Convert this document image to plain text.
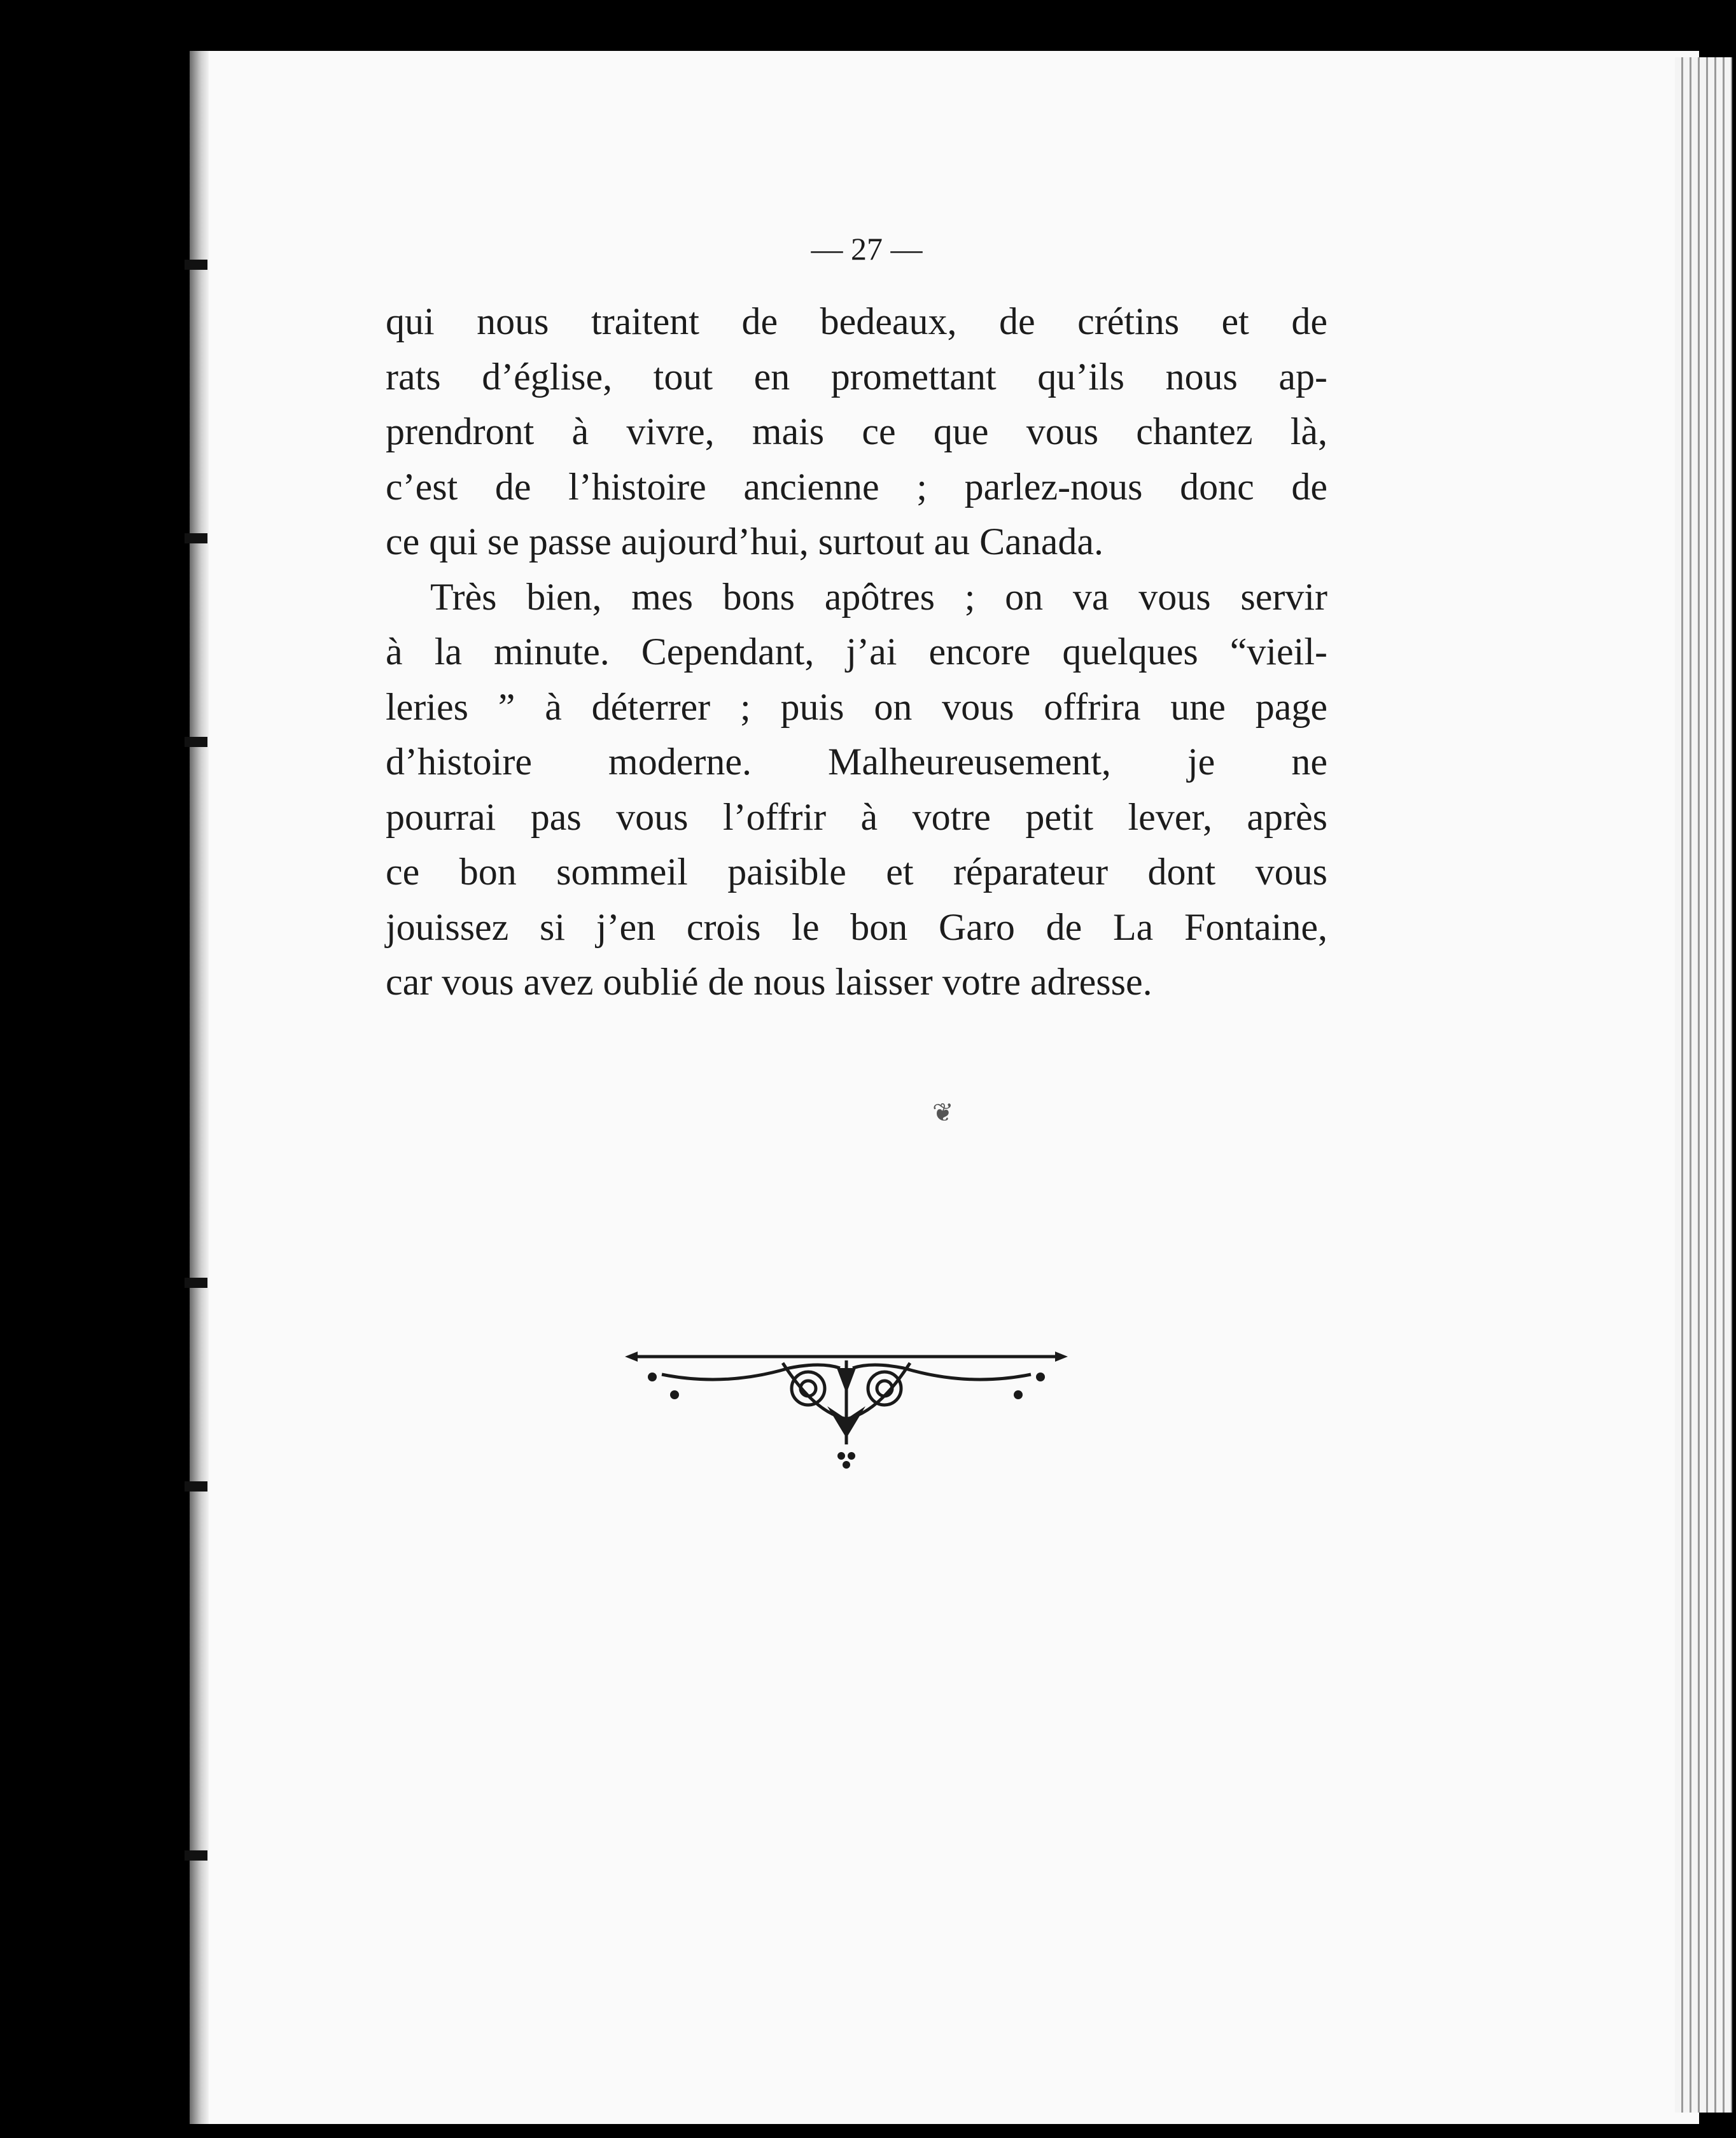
— 27 —
qui nous traitent de bedeaux, de crétins et de
rats d’église, tout en promettant qu’ils nous ap-
prendront à vivre, mais ce que vous chantez là,
c’est de l’histoire ancienne ; parlez-nous donc de
ce qui se passe aujourd’hui, surtout au Canada.
Très bien, mes bons apôtres ; on va vous servir
à la minute. Cependant, j’ai encore quelques “vieil-
leries ” à déterrer ; puis on vous offrira une page
d’histoire moderne. Malheureusement, je ne
pourrai pas vous l’offrir à votre petit lever, après
ce bon sommeil paisible et réparateur dont vous
jouissez si j’en crois le bon Garo de La Fontaine,
car vous avez oublié de nous laisser votre adresse.
❦
